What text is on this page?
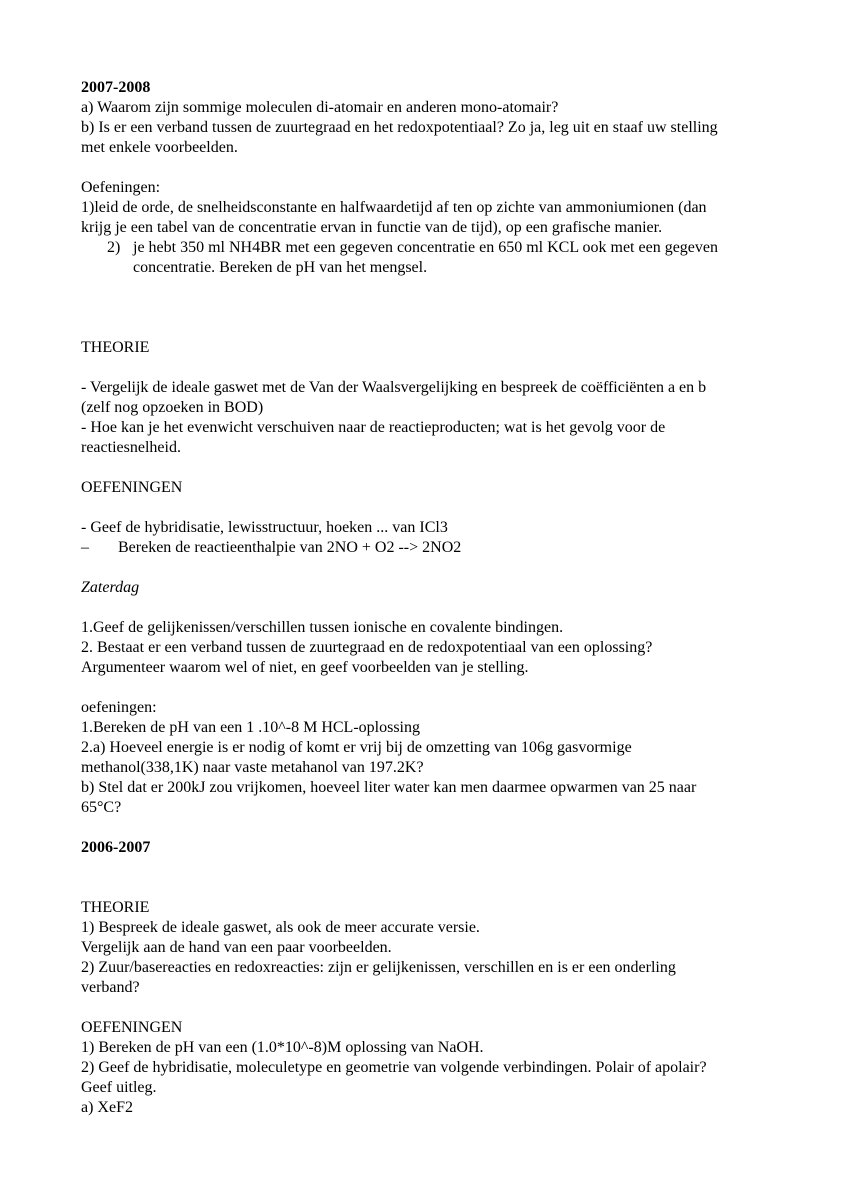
2007-2008
a) Waarom zijn sommige moleculen di-atomair en anderen mono-atomair?
b) Is er een verband tussen de zuurtegraad en het redoxpotentiaal? Zo ja, leg uit en staaf uw stelling
met enkele voorbeelden.
Oefeningen:
1)leid de orde, de snelheidsconstante en halfwaardetijd af ten op zichte van ammoniumionen (dan
krijg je een tabel van de concentratie ervan in functie van de tijd), op een grafische manier.
2) je hebt 350 ml NH4BR met een gegeven concentratie en 650 ml KCL ook met een gegeven
concentratie. Bereken de pH van het mengsel.
THEORIE
- Vergelijk de ideale gaswet met de Van der Waalsvergelijking en bespreek de coëfficiënten a en b
(zelf nog opzoeken in BOD)
- Hoe kan je het evenwicht verschuiven naar de reactieproducten; wat is het gevolg voor de
reactiesnelheid.
OEFENINGEN
- Geef de hybridisatie, lewisstructuur, hoeken ... van ICl3
– Bereken de reactieenthalpie van 2NO + O2 --> 2NO2
Zaterdag
1.Geef de gelijkenissen/verschillen tussen ionische en covalente bindingen.
2. Bestaat er een verband tussen de zuurtegraad en de redoxpotentiaal van een oplossing?
Argumenteer waarom wel of niet, en geef voorbeelden van je stelling.
oefeningen:
1.Bereken de pH van een 1 .10^-8 M HCL-oplossing
2.a) Hoeveel energie is er nodig of komt er vrij bij de omzetting van 106g gasvormige
methanol(338,1K) naar vaste metahanol van 197.2K?
b) Stel dat er 200kJ zou vrijkomen, hoeveel liter water kan men daarmee opwarmen van 25 naar
65°C?
2006-2007
THEORIE
1) Bespreek de ideale gaswet, als ook de meer accurate versie.
Vergelijk aan de hand van een paar voorbeelden.
2) Zuur/basereacties en redoxreacties: zijn er gelijkenissen, verschillen en is er een onderling
verband?
OEFENINGEN
1) Bereken de pH van een (1.0*10^-8)M oplossing van NaOH.
2) Geef de hybridisatie, moleculetype en geometrie van volgende verbindingen. Polair of apolair?
Geef uitleg.
a) XeF2
